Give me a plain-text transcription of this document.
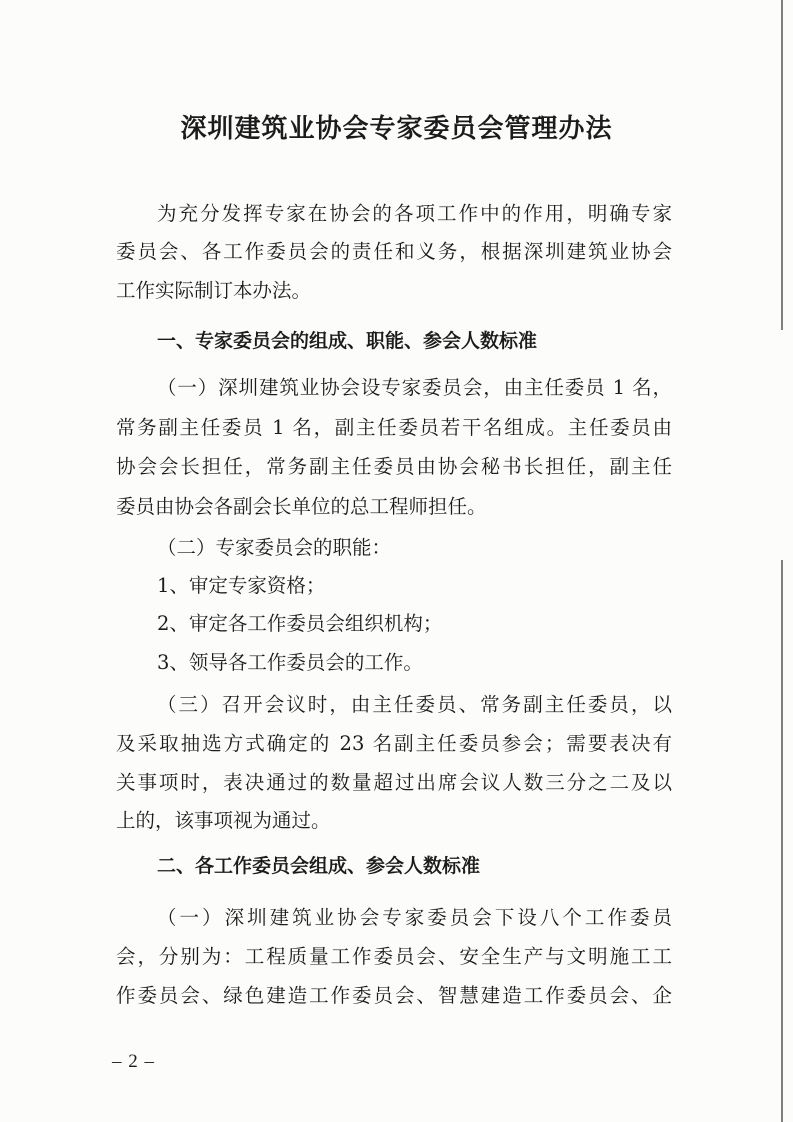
深圳建筑业协会专家委员会管理办法

为充分发挥专家在协会的各项工作中的作用，明确专家

委员会、各工作委员会的责任和义务，根据深圳建筑业协会

工作实际制订本办法。

一、专家委员会的组成、职能、参会人数标准

（一）深圳建筑业协会设专家委员会，由主任委员 1 名，

常务副主任委员 1 名，副主任委员若干名组成。主任委员由

协会会长担任，常务副主任委员由协会秘书长担任，副主任

委员由协会各副会长单位的总工程师担任。

（二）专家委员会的职能：

1、审定专家资格；

2、审定各工作委员会组织机构；

3、领导各工作委员会的工作。

（三）召开会议时，由主任委员、常务副主任委员，以

及采取抽选方式确定的 23 名副主任委员参会；需要表决有

关事项时，表决通过的数量超过出席会议人数三分之二及以

上的，该事项视为通过。

二、各工作委员会组成、参会人数标准

（一）深圳建筑业协会专家委员会下设八个工作委员

会，分别为：工程质量工作委员会、安全生产与文明施工工

作委员会、绿色建造工作委员会、智慧建造工作委员会、企

– 2 –
